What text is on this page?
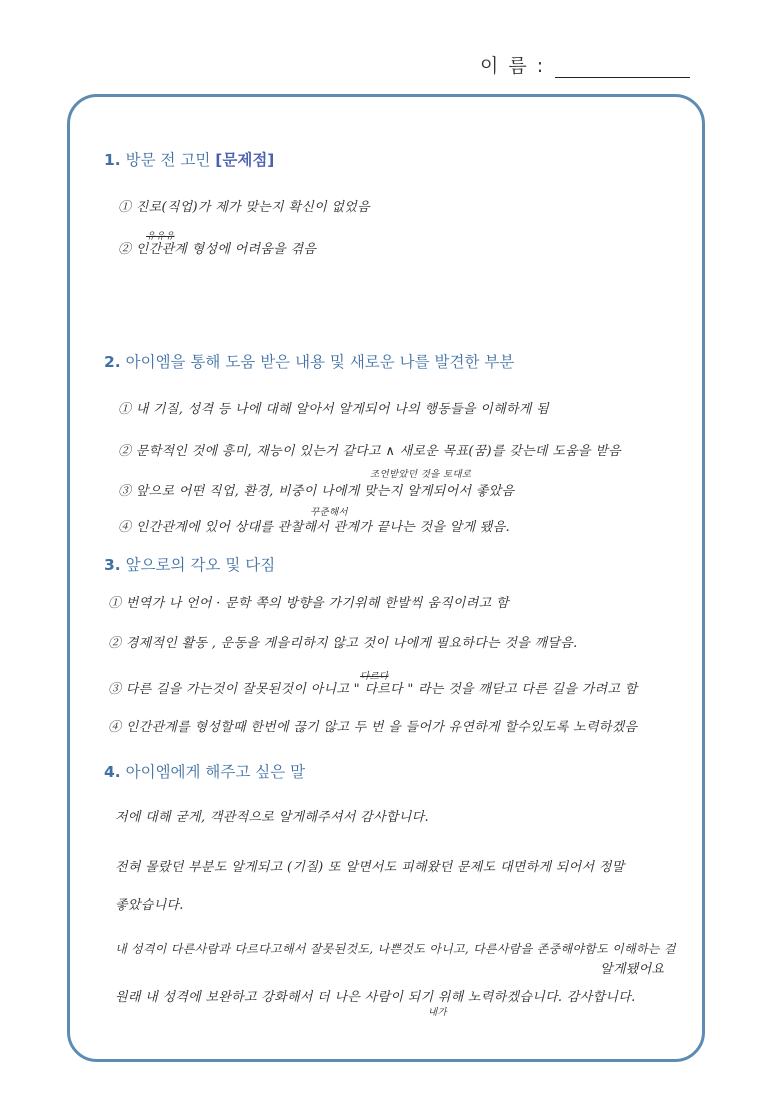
이 름 :
1. 방문 전 고민 [문제점]
① 진로(직업)가 제가 맞는지 확신이 없었음
② 인간관계 형성에 어려움을 겪음
유유유
2. 아이엠을 통해 도움 받은 내용 및 새로운 나를 발견한 부분
① 내 기질, 성격 등 나에 대해 알아서 알게되어 나의 행동들을 이해하게 됨
② 문학적인 것에 흥미, 재능이 있는거 같다고 ∧ 새로운 목표(꿈)를 갖는데 도움을 받음
조언받았던 것을 토대로
③ 앞으로 어떤 직업, 환경, 비중이 나에게 맞는지 알게되어서 좋았음
꾸준해서
④ 인간관계에 있어 상대를 관찰해서 관계가 끝나는 것을 알게 됐음.
3. 앞으로의 각오 및 다짐
① 번역가 나 언어 · 문학 쪽의 방향을 가기위해 한발씩 움직이려고 함
② 경제적인 활동 , 운동을 게을리하지 않고 것이 나에게 필요하다는 것을 깨달음.
③ 다른 길을 가는것이 잘못된것이 아니고 " 다르다 " 라는 것을 깨닫고 다른 길을 가려고 함
다르다
④ 인간관계를 형성할때 한번에 끊기 않고 두 번 을 들어가 유연하게 할수있도록 노력하겠음
4. 아이엠에게 해주고 싶은 말
저에 대해 굳게, 객관적으로 알게해주셔서 감사합니다.
전혀 몰랐던 부분도 알게되고 (기질) 또 알면서도 피해왔던 문제도 대면하게 되어서 정말
좋았습니다.
내 성격이 다른사람과 다르다고해서 잘못된것도, 나쁜것도 아니고, 다른사람을 존중해야함도 이해하는 걸
알게됐어요
원래 내 성격에 보완하고 강화해서 더 나은 사람이 되기 위해 노력하겠습니다. 감사합니다.
내가
